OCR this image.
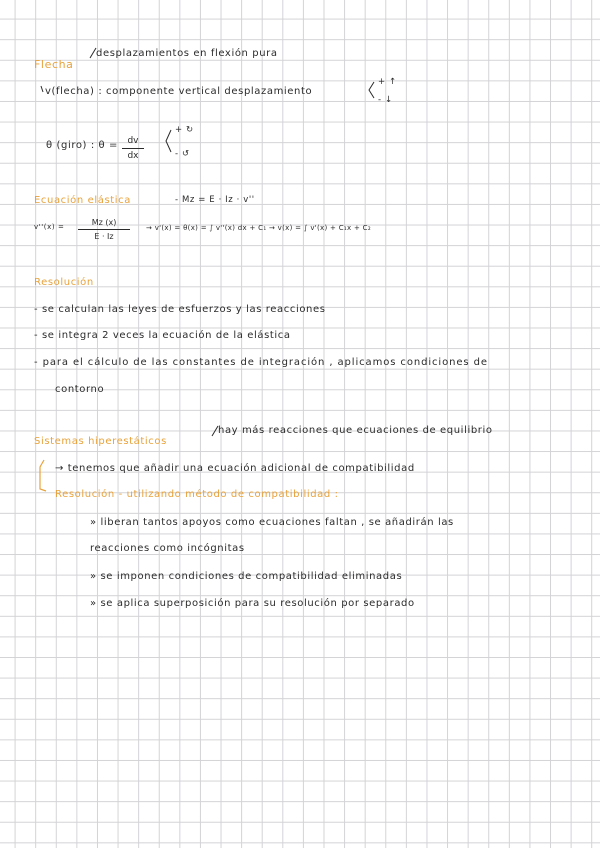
Flecha
desplazamientos en flexión pura
v(flecha) : componente vertical desplazamiento
+ ↑
- ↓
θ (giro) : θ =	dv
dx
+ ↻
- ↺
Ecuación elástica	- Mz = E · Iz · v''
v''(x) =	Mz (x)
E · Iz
→ v'(x) = θ(x) = ∫ v''(x) dx + C₁ → v(x) = ∫ v'(x) + C₁x + C₂
Resolución
- se calculan las leyes de esfuerzos y las reacciones
- se integra 2 veces la ecuación de la elástica
- para el cálculo de las constantes de integración , aplicamos condiciones de
contorno
Sistemas hiperestáticos
hay más reacciones que ecuaciones de equilibrio
→ tenemos que añadir una ecuación adicional de compatibilidad
Resolución - utilizando método de compatibilidad :
» liberan tantos apoyos como ecuaciones faltan , se añadirán las
reacciones como incógnitas
» se imponen condiciones de compatibilidad eliminadas
» se aplica superposición para su resolución por separado
